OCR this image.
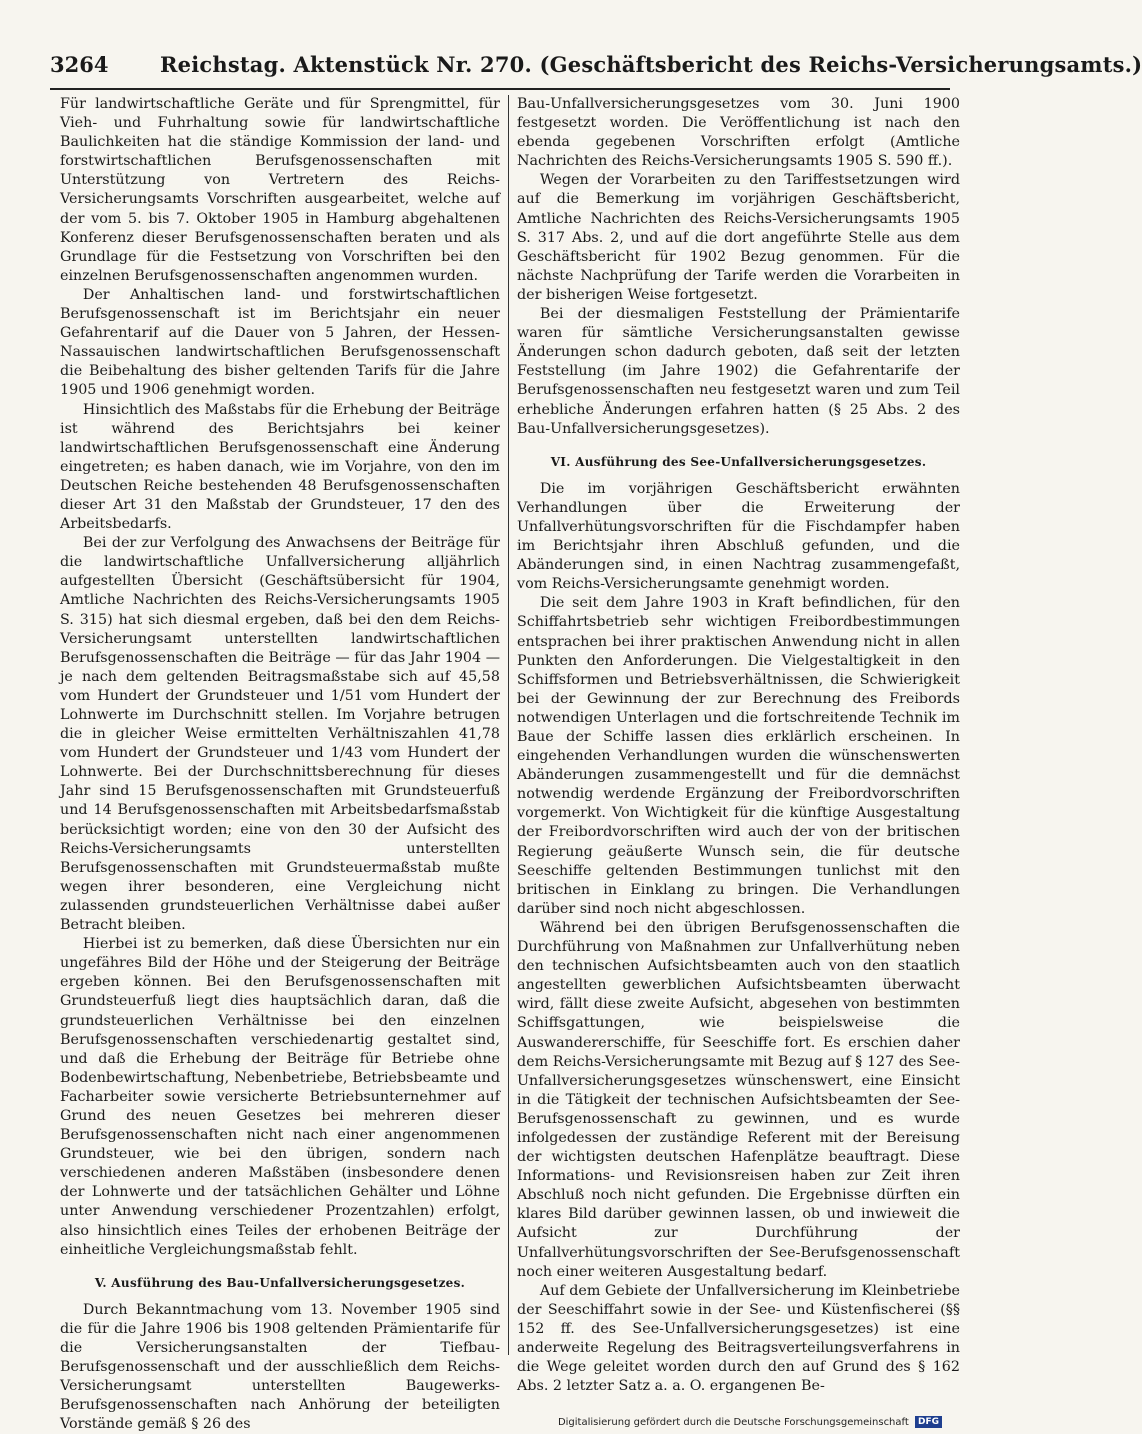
3264 Reichstag. Aktenstück Nr. 270. (Geschäftsbericht des Reichs-Versicherungsamts.)

Für landwirtschaftliche Geräte und für Sprengmittel, für Vieh- und Fuhrhaltung sowie für landwirtschaftliche Baulichkeiten hat die ständige Kommission der land- und forstwirtschaftlichen Berufsgenossenschaften mit Unterstützung von Vertretern des Reichs-Versicherungsamts Vorschriften ausgearbeitet, welche auf der vom 5. bis 7. Oktober 1905 in Hamburg abgehaltenen Konferenz dieser Berufsgenossenschaften beraten und als Grundlage für die Festsetzung von Vorschriften bei den einzelnen Berufsgenossenschaften angenommen wurden.

Der Anhaltischen land- und forstwirtschaftlichen Berufsgenossenschaft ist im Berichtsjahr ein neuer Gefahrentarif auf die Dauer von 5 Jahren, der Hessen-Nassauischen landwirtschaftlichen Berufsgenossenschaft die Beibehaltung des bisher geltenden Tarifs für die Jahre 1905 und 1906 genehmigt worden.

Hinsichtlich des Maßstabs für die Erhebung der Beiträge ist während des Berichtsjahrs bei keiner landwirtschaftlichen Berufsgenossenschaft eine Änderung eingetreten; es haben danach, wie im Vorjahre, von den im Deutschen Reiche bestehenden 48 Berufsgenossenschaften dieser Art 31 den Maßstab der Grundsteuer, 17 den des Arbeitsbedarfs.

Bei der zur Verfolgung des Anwachsens der Beiträge für die landwirtschaftliche Unfallversicherung alljährlich aufgestellten Übersicht (Geschäftsübersicht für 1904, Amtliche Nachrichten des Reichs-Versicherungsamts 1905 S. 315) hat sich diesmal ergeben, daß bei den dem Reichs-Versicherungsamt unterstellten landwirtschaftlichen Berufsgenossenschaften die Beiträge — für das Jahr 1904 — je nach dem geltenden Beitragsmaßstabe sich auf 45,58 vom Hundert der Grundsteuer und 1/51 vom Hundert der Lohnwerte im Durchschnitt stellen. Im Vorjahre betrugen die in gleicher Weise ermittelten Verhältniszahlen 41,78 vom Hundert der Grundsteuer und 1/43 vom Hundert der Lohnwerte. Bei der Durchschnittsberechnung für dieses Jahr sind 15 Berufsgenossenschaften mit Grundsteuerfuß und 14 Berufsgenossenschaften mit Arbeitsbedarfsmaßstab berücksichtigt worden; eine von den 30 der Aufsicht des Reichs-Versicherungsamts unterstellten Berufsgenossenschaften mit Grundsteuermaßstab mußte wegen ihrer besonderen, eine Vergleichung nicht zulassenden grundsteuerlichen Verhältnisse dabei außer Betracht bleiben.

Hierbei ist zu bemerken, daß diese Übersichten nur ein ungefähres Bild der Höhe und der Steigerung der Beiträge ergeben können. Bei den Berufsgenossenschaften mit Grundsteuerfuß liegt dies hauptsächlich daran, daß die grundsteuerlichen Verhältnisse bei den einzelnen Berufsgenossenschaften verschiedenartig gestaltet sind, und daß die Erhebung der Beiträge für Betriebe ohne Bodenbewirtschaftung, Nebenbetriebe, Betriebsbeamte und Facharbeiter sowie versicherte Betriebsunternehmer auf Grund des neuen Gesetzes bei mehreren dieser Berufsgenossenschaften nicht nach einer angenommenen Grundsteuer, wie bei den übrigen, sondern nach verschiedenen anderen Maßstäben (insbesondere denen der Lohnwerte und der tatsächlichen Gehälter und Löhne unter Anwendung verschiedener Prozentzahlen) erfolgt, also hinsichtlich eines Teiles der erhobenen Beiträge der einheitliche Vergleichungsmaßstab fehlt.

V. Ausführung des Bau-Unfallversicherungsgesetzes.

Durch Bekanntmachung vom 13. November 1905 sind die für die Jahre 1906 bis 1908 geltenden Prämientarife für die Versicherungsanstalten der Tiefbau-Berufsgenossenschaft und der ausschließlich dem Reichs-Versicherungsamt unterstellten Baugewerks-Berufsgenossenschaften nach Anhörung der beteiligten Vorstände gemäß § 26 des

Bau-Unfallversicherungsgesetzes vom 30. Juni 1900 festgesetzt worden. Die Veröffentlichung ist nach den ebenda gegebenen Vorschriften erfolgt (Amtliche Nachrichten des Reichs-Versicherungsamts 1905 S. 590 ff.).

Wegen der Vorarbeiten zu den Tariffestsetzungen wird auf die Bemerkung im vorjährigen Geschäftsbericht, Amtliche Nachrichten des Reichs-Versicherungsamts 1905 S. 317 Abs. 2, und auf die dort angeführte Stelle aus dem Geschäftsbericht für 1902 Bezug genommen. Für die nächste Nachprüfung der Tarife werden die Vorarbeiten in der bisherigen Weise fortgesetzt.

Bei der diesmaligen Feststellung der Prämientarife waren für sämtliche Versicherungsanstalten gewisse Änderungen schon dadurch geboten, daß seit der letzten Feststellung (im Jahre 1902) die Gefahrentarife der Berufsgenossenschaften neu festgesetzt waren und zum Teil erhebliche Änderungen erfahren hatten (§ 25 Abs. 2 des Bau-Unfallversicherungsgesetzes).

VI. Ausführung des See-Unfallversicherungsgesetzes.

Die im vorjährigen Geschäftsbericht erwähnten Verhandlungen über die Erweiterung der Unfallverhütungsvorschriften für die Fischdampfer haben im Berichtsjahr ihren Abschluß gefunden, und die Abänderungen sind, in einen Nachtrag zusammengefaßt, vom Reichs-Versicherungsamte genehmigt worden.

Die seit dem Jahre 1903 in Kraft befindlichen, für den Schiffahrtsbetrieb sehr wichtigen Freibordbestimmungen entsprachen bei ihrer praktischen Anwendung nicht in allen Punkten den Anforderungen. Die Vielgestaltigkeit in den Schiffsformen und Betriebsverhältnissen, die Schwierigkeit bei der Gewinnung der zur Berechnung des Freibords notwendigen Unterlagen und die fortschreitende Technik im Baue der Schiffe lassen dies erklärlich erscheinen. In eingehenden Verhandlungen wurden die wünschenswerten Abänderungen zusammengestellt und für die demnächst notwendig werdende Ergänzung der Freibordvorschriften vorgemerkt. Von Wichtigkeit für die künftige Ausgestaltung der Freibordvorschriften wird auch der von der britischen Regierung geäußerte Wunsch sein, die für deutsche Seeschiffe geltenden Bestimmungen tunlichst mit den britischen in Einklang zu bringen. Die Verhandlungen darüber sind noch nicht abgeschlossen.

Während bei den übrigen Berufsgenossenschaften die Durchführung von Maßnahmen zur Unfallverhütung neben den technischen Aufsichtsbeamten auch von den staatlich angestellten gewerblichen Aufsichtsbeamten überwacht wird, fällt diese zweite Aufsicht, abgesehen von bestimmten Schiffsgattungen, wie beispielsweise die Auswandererschiffe, für Seeschiffe fort. Es erschien daher dem Reichs-Versicherungsamte mit Bezug auf § 127 des See-Unfallversicherungsgesetzes wünschenswert, eine Einsicht in die Tätigkeit der technischen Aufsichtsbeamten der See-Berufsgenossenschaft zu gewinnen, und es wurde infolgedessen der zuständige Referent mit der Bereisung der wichtigsten deutschen Hafenplätze beauftragt. Diese Informations- und Revisionsreisen haben zur Zeit ihren Abschluß noch nicht gefunden. Die Ergebnisse dürften ein klares Bild darüber gewinnen lassen, ob und inwieweit die Aufsicht zur Durchführung der Unfallverhütungsvorschriften der See-Berufsgenossenschaft noch einer weiteren Ausgestaltung bedarf.

Auf dem Gebiete der Unfallversicherung im Kleinbetriebe der Seeschiffahrt sowie in der See- und Küstenfischerei (§§ 152 ff. des See-Unfallversicherungsgesetzes) ist eine anderweite Regelung des Beitragsverteilungsverfahrens in die Wege geleitet worden durch den auf Grund des § 162 Abs. 2 letzter Satz a. a. O. ergangenen Be-

Digitalisierung gefördert durch die Deutsche Forschungsgemeinschaft DFG
